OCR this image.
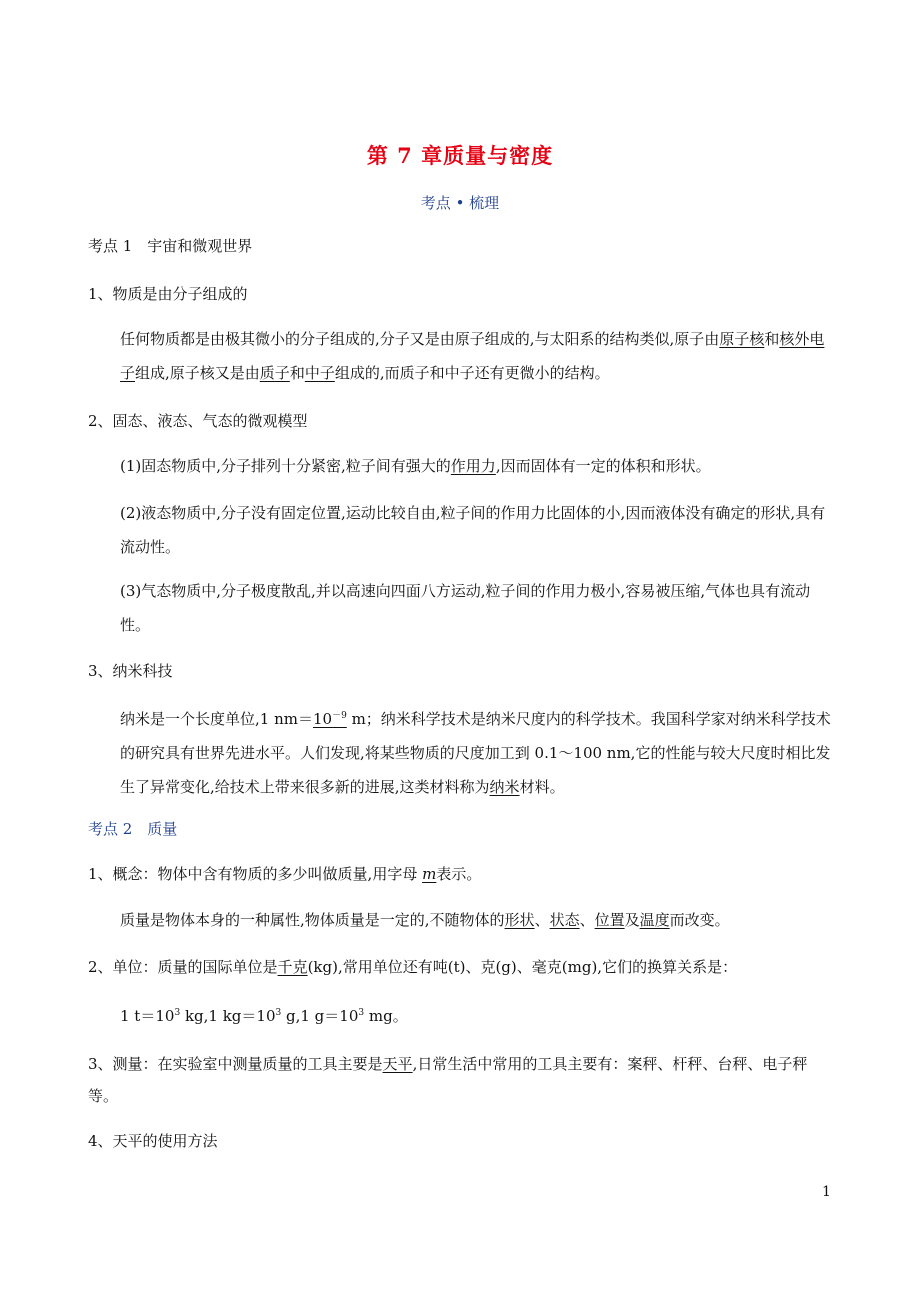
第 7 章质量与密度
考点 • 梳理
考点 1　宇宙和微观世界
1、物质是由分子组成的
任何物质都是由极其微小的分子组成的,分子又是由原子组成的,与太阳系的结构类似,原子由原子核和核外电子组成,原子核又是由质子和中子组成的,而质子和中子还有更微小的结构。
2、固态、液态、气态的微观模型
(1)固态物质中,分子排列十分紧密,粒子间有强大的作用力,因而固体有一定的体积和形状。
(2)液态物质中,分子没有固定位置,运动比较自由,粒子间的作用力比固体的小,因而液体没有确定的形状,具有流动性。
(3)气态物质中,分子极度散乱,并以高速向四面八方运动,粒子间的作用力极小,容易被压缩,气体也具有流动性。
3、纳米科技
纳米是一个长度单位,1 $nm=10^{-9}$ m；纳米科学技术是纳米尺度内的科学技术。我国科学家对纳米科学技术的研究具有世界先进水平。人们发现,将某些物质的尺度加工到 0.1～100 nm,它的性能与较大尺度时相比发生了异常变化,给技术上带来很多新的进展,这类材料称为纳米材料。
考点 2　质量
1、概念：物体中含有物质的多少叫做质量,用字母 m表示。
质量是物体本身的一种属性,物体质量是一定的,不随物体的形状、状态、位置及温度而改变。
2、单位：质量的国际单位是千克(kg),常用单位还有吨(t)、克(g)、毫克(mg),它们的换算关系是：
1 $t=10^3$ kg,1 $kg=10^3$ g,1 $g=10^3$ mg。
3、测量：在实验室中测量质量的工具主要是天平,日常生活中常用的工具主要有：案秤、杆秤、台秤、电子秤等。
4、天平的使用方法
1
